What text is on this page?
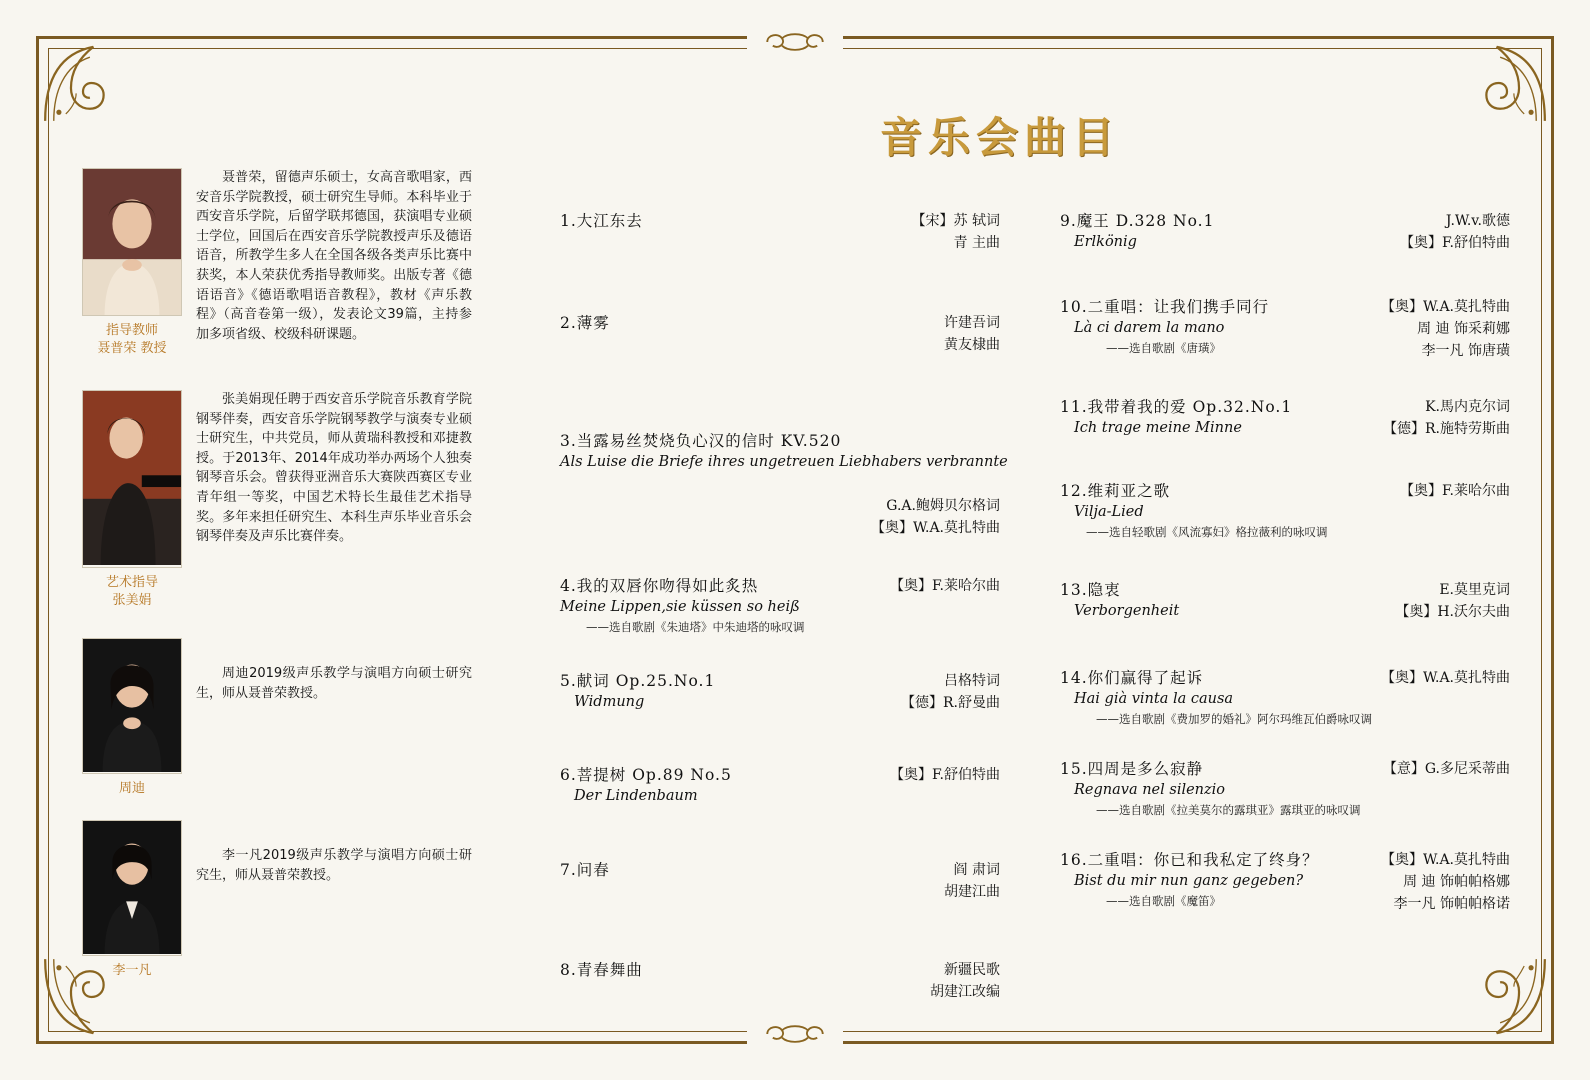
音乐会曲目
指导教师
聂普荣 教授

聂普荣，留德声乐硕士，女高音歌唱家，西安音乐学院教授，硕士研究生导师。本科毕业于西安音乐学院，后留学联邦德国，获演唱专业硕士学位，回国后在西安音乐学院教授声乐及德语语音，所教学生多人在全国各级各类声乐比赛中获奖，本人荣获优秀指导教师奖。出版专著《德语语音》《德语歌唱语音教程》，教材《声乐教程》（高音卷第一级），发表论文39篇，主持参加多项省级、校级科研课题。

艺术指导
张美娟

张美娟现任聘于西安音乐学院音乐教育学院钢琴伴奏，西安音乐学院钢琴教学与演奏专业硕士研究生，中共党员，师从黄瑞科教授和邓捷教授。于2013年、2014年成功举办两场个人独奏钢琴音乐会。曾获得亚洲音乐大赛陕西赛区专业青年组一等奖，中国艺术特长生最佳艺术指导奖。多年来担任研究生、本科生声乐毕业音乐会钢琴伴奏及声乐比赛伴奏。

周迪

周迪2019级声乐教学与演唱方向硕士研究生，师从聂普荣教授。

李一凡

李一凡2019级声乐教学与演唱方向硕士研究生，师从聂普荣教授。

1.大江东去	【宋】苏 轼词
青 主曲
2.薄雾	许建吾词
黄友棣曲
3.当露易丝焚烧负心汉的信时 KV.520
Als Luise die Briefe ihres ungetreuen Liebhabers verbrannte
G.A.鲍姆贝尔格词
【奥】W.A.莫扎特曲
4.我的双唇你吻得如此炙热
Meine Lippen,sie küssen so heiß
——选自歌剧《朱迪塔》中朱迪塔的咏叹调
【奥】F.莱哈尔曲
5.献词 Op.25.No.1
Widmung
吕格特词
【德】R.舒曼曲
6.菩提树 Op.89 No.5
Der Lindenbaum
【奥】F.舒伯特曲
7.问春	阎 肃词
胡建江曲
8.青春舞曲	新疆民歌
胡建江改编
9.魔王 D.328 No.1
Erlkönig
J.W.v.歌德
【奥】F.舒伯特曲
10.二重唱：让我们携手同行
Là ci darem la mano
——选自歌剧《唐璜》
【奥】W.A.莫扎特曲
周 迪 饰采莉娜
李一凡 饰唐璜
11.我带着我的爱 Op.32.No.1
Ich trage meine Minne
K.馬内克尔词
【德】R.施特劳斯曲
12.维莉亚之歌
Vilja-Lied
——选自轻歌剧《风流寡妇》格拉薇利的咏叹调
【奥】F.莱哈尔曲
13.隐衷
Verborgenheit
E.莫里克词
【奥】H.沃尔夫曲
14.你们赢得了起诉
Hai già vinta la causa
——选自歌剧《费加罗的婚礼》阿尔玛维瓦伯爵咏叹调
【奥】W.A.莫扎特曲
15.四周是多么寂静
Regnava nel silenzio
——选自歌剧《拉美莫尔的露琪亚》露琪亚的咏叹调
【意】G.多尼采蒂曲
16.二重唱：你已和我私定了终身？
Bist du mir nun ganz gegeben?
——选自歌剧《魔笛》
【奥】W.A.莫扎特曲
周 迪 饰帕帕格娜
李一凡 饰帕帕格诺
